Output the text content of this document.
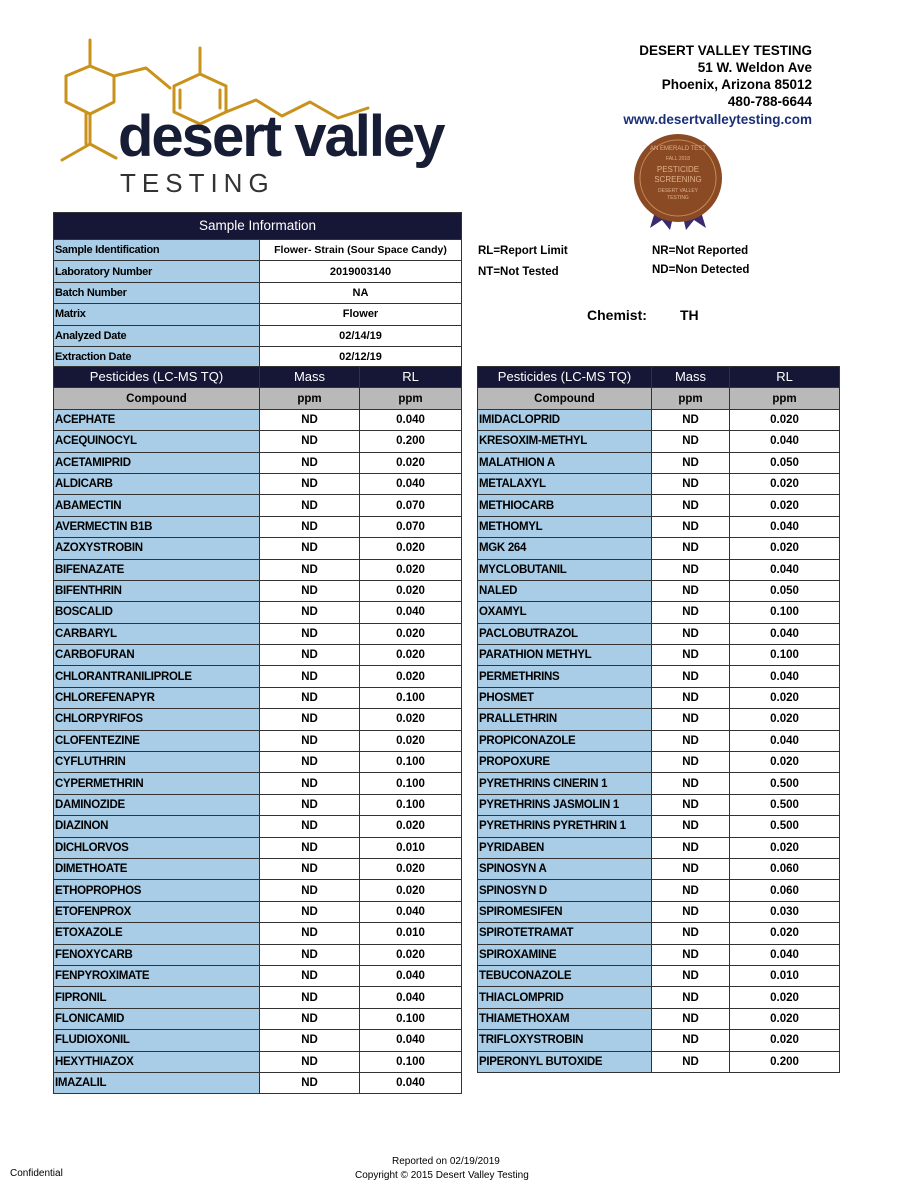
desert valley
TESTING
DESERT VALLEY TESTING
51 W. Weldon Ave
Phoenix, Arizona 85012
480-788-6644
www.desertvalleytesting.com
AN EMERALD TEST
FALL 2018
PESTICIDE
SCREENING
DESERT VALLEY
TESTING
Sample Information	
Sample Identification	Flower- Strain (Sour Space Candy)
Laboratory Number	2019003140
Batch Number	NA
Matrix	Flower
Analyzed Date	02/14/19
Extraction Date	02/12/19
RL=Report Limit
NT=Not Tested
NR=Not Reported
ND=Non Detected
Chemist: TH
Pesticides (LC-MS TQ)	Mass	RL
Compound	ppm	ppm
ACEPHATE	ND	0.040
ACEQUINOCYL	ND	0.200
ACETAMIPRID	ND	0.020
ALDICARB	ND	0.040
ABAMECTIN	ND	0.070
AVERMECTIN B1B	ND	0.070
AZOXYSTROBIN	ND	0.020
BIFENAZATE	ND	0.020
BIFENTHRIN	ND	0.020
BOSCALID	ND	0.040
CARBARYL	ND	0.020
CARBOFURAN	ND	0.020
CHLORANTRANILIPROLE	ND	0.020
CHLOREFENAPYR	ND	0.100
CHLORPYRIFOS	ND	0.020
CLOFENTEZINE	ND	0.020
CYFLUTHRIN	ND	0.100
CYPERMETHRIN	ND	0.100
DAMINOZIDE	ND	0.100
DIAZINON	ND	0.020
DICHLORVOS	ND	0.010
DIMETHOATE	ND	0.020
ETHOPROPHOS	ND	0.020
ETOFENPROX	ND	0.040
ETOXAZOLE	ND	0.010
FENOXYCARB	ND	0.020
FENPYROXIMATE	ND	0.040
FIPRONIL	ND	0.040
FLONICAMID	ND	0.100
FLUDIOXONIL	ND	0.040
HEXYTHIAZOX	ND	0.100
IMAZALIL	ND	0.040
Pesticides (LC-MS TQ)	Mass	RL
Compound	ppm	ppm
IMIDACLOPRID	ND	0.020
KRESOXIM-METHYL	ND	0.040
MALATHION A	ND	0.050
METALAXYL	ND	0.020
METHIOCARB	ND	0.020
METHOMYL	ND	0.040
MGK 264	ND	0.020
MYCLOBUTANIL	ND	0.040
NALED	ND	0.050
OXAMYL	ND	0.100
PACLOBUTRAZOL	ND	0.040
PARATHION METHYL	ND	0.100
PERMETHRINS	ND	0.040
PHOSMET	ND	0.020
PRALLETHRIN	ND	0.020
PROPICONAZOLE	ND	0.040
PROPOXURE	ND	0.020
PYRETHRINS CINERIN 1	ND	0.500
PYRETHRINS JASMOLIN 1	ND	0.500
PYRETHRINS PYRETHRIN 1	ND	0.500
PYRIDABEN	ND	0.020
SPINOSYN A	ND	0.060
SPINOSYN D	ND	0.060
SPIROMESIFEN	ND	0.030
SPIROTETRAMAT	ND	0.020
SPIROXAMINE	ND	0.040
TEBUCONAZOLE	ND	0.010
THIACLOMPRID	ND	0.020
THIAMETHOXAM	ND	0.020
TRIFLOXYSTROBIN	ND	0.020
PIPERONYL BUTOXIDE	ND	0.200
Confidential
Reported on 02/19/2019
Copyright © 2015 Desert Valley Testing
